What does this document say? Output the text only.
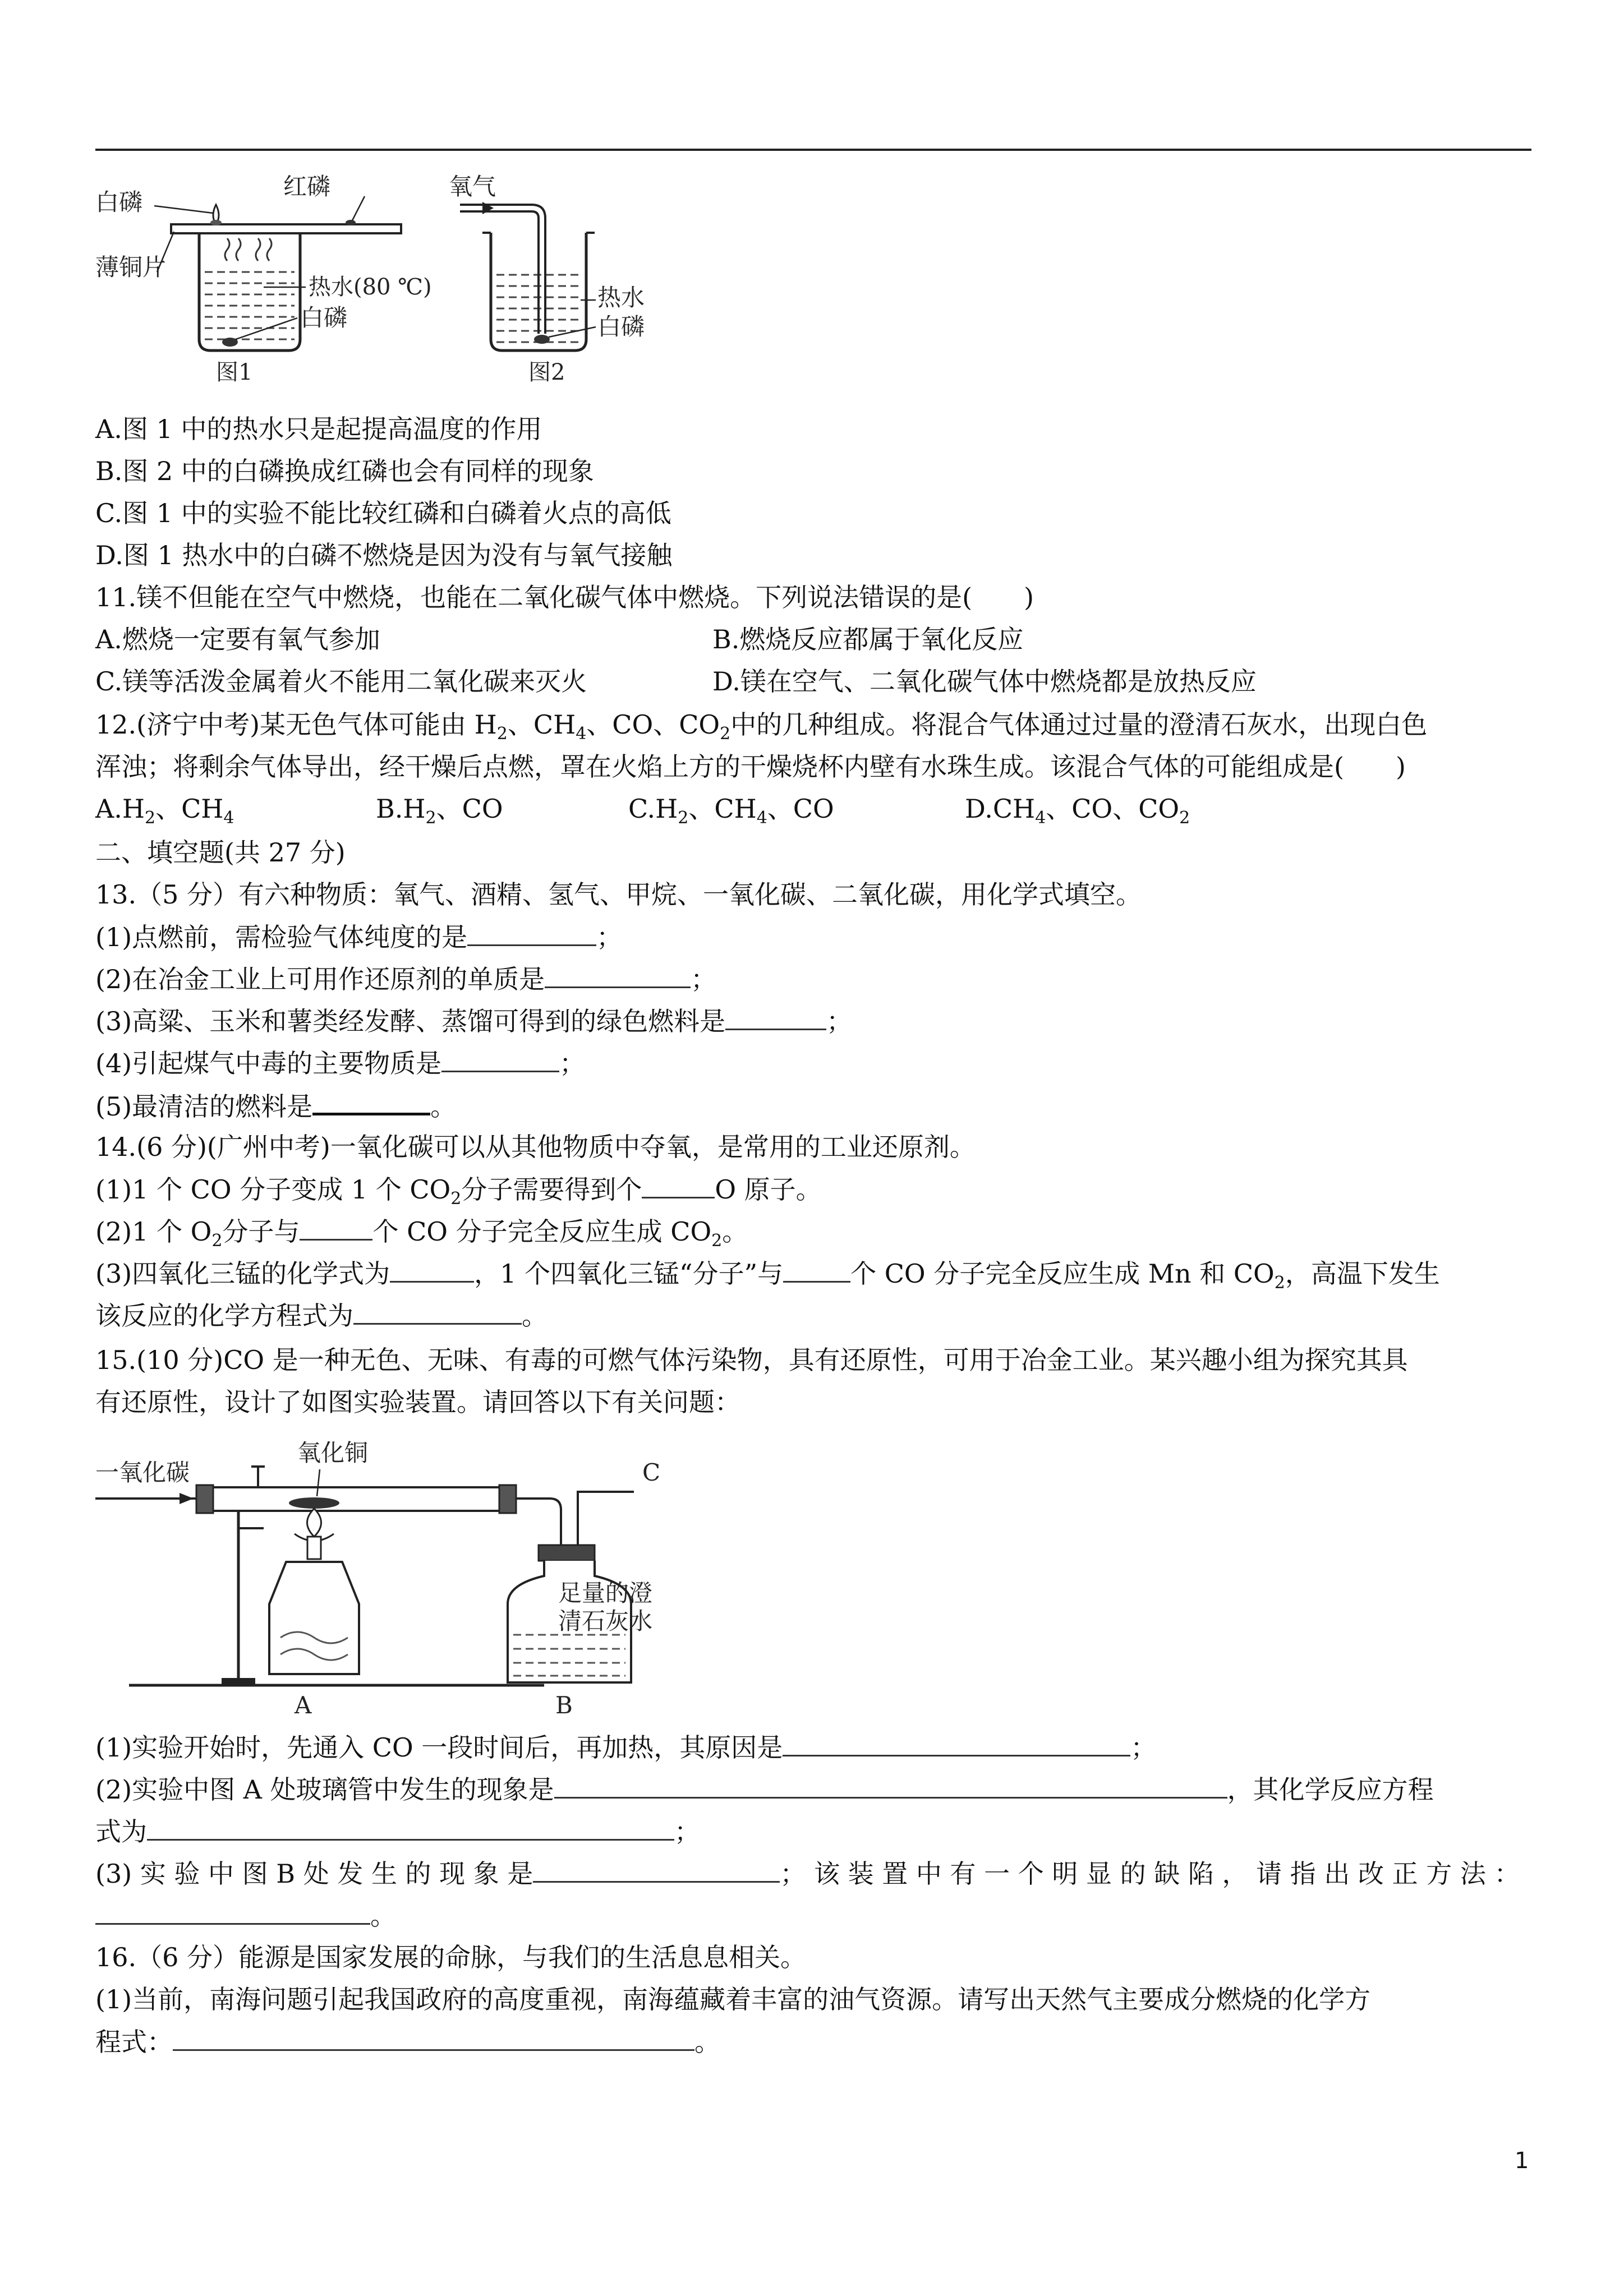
白磷
红磷
薄铜片
热水(80 ℃)
白磷
图1
氧气
热水
白磷
图2
A.图 1 中的热水只是起提高温度的作用
B.图 2 中的白磷换成红磷也会有同样的现象
C.图 1 中的实验不能比较红磷和白磷着火点的高低
D.图 1 热水中的白磷不燃烧是因为没有与氧气接触
11.镁不但能在空气中燃烧，也能在二氧化碳气体中燃烧。下列说法错误的是(　　)
A.燃烧一定要有氧气参加	B.燃烧反应都属于氧化反应
C.镁等活泼金属着火不能用二氧化碳来灭火	D.镁在空气、二氧化碳气体中燃烧都是放热反应
12.(济宁中考)某无色气体可能由 $H_2$、$CH_4$、CO、$CO_2$中的几种组成。将混合气体通过过量的澄清石灰水，出现白色
浑浊；将剩余气体导出，经干燥后点燃，罩在火焰上方的干燥烧杯内壁有水珠生成。该混合气体的可能组成是(　　)
$A.H_2$、$CH_4$	$B.H_2$、CO	$C.H_2$、$CH_4$、CO	$D.CH_4$、CO、$CO_2$
二、填空题(共 27 分)
13.（5 分）有六种物质：氧气、酒精、氢气、甲烷、一氧化碳、二氧化碳，用化学式填空。
(1)点燃前，需检验气体纯度的是	；
(2)在冶金工业上可用作还原剂的单质是	；
(3)高粱、玉米和薯类经发酵、蒸馏可得到的绿色燃料是	；
(4)引起煤气中毒的主要物质是	；
(5)最清洁的燃料是	。
14.(6 分)(广州中考)一氧化碳可以从其他物质中夺氧，是常用的工业还原剂。
(1)1 个 CO 分子变成 1 个 $CO_2$分子需要得到个	O 原子。
(2)1 个 $O_2$分子与	个 CO 分子完全反应生成 $CO_2$。
(3)四氧化三锰的化学式为	，1 个四氧化三锰“分子”与	个 CO 分子完全反应生成 Mn 和 $CO_2$，高温下发生
该反应的化学方程式为	。
15.(10 分)CO 是一种无色、无味、有毒的可燃气体污染物，具有还原性，可用于冶金工业。某兴趣小组为探究其具
有还原性，设计了如图实验装置。请回答以下有关问题：
一氧化碳
氧化铜
C
足量的澄
清石灰水
A	B
(1)实验开始时，先通入 CO 一段时间后，再加热，其原因是	；
(2)实验中图 A 处玻璃管中发生的现象是	，其化学反应方程
式为	；
(3) 实 验 中 图 B 处 发 生 的 现 象 是	； 该 装 置 中 有 一 个 明 显 的 缺 陷 ， 请 指 出 改 正 方 法 ：
。
16.（6 分）能源是国家发展的命脉，与我们的生活息息相关。
(1)当前，南海问题引起我国政府的高度重视，南海蕴藏着丰富的油气资源。请写出天然气主要成分燃烧的化学方
程式：	。
1
